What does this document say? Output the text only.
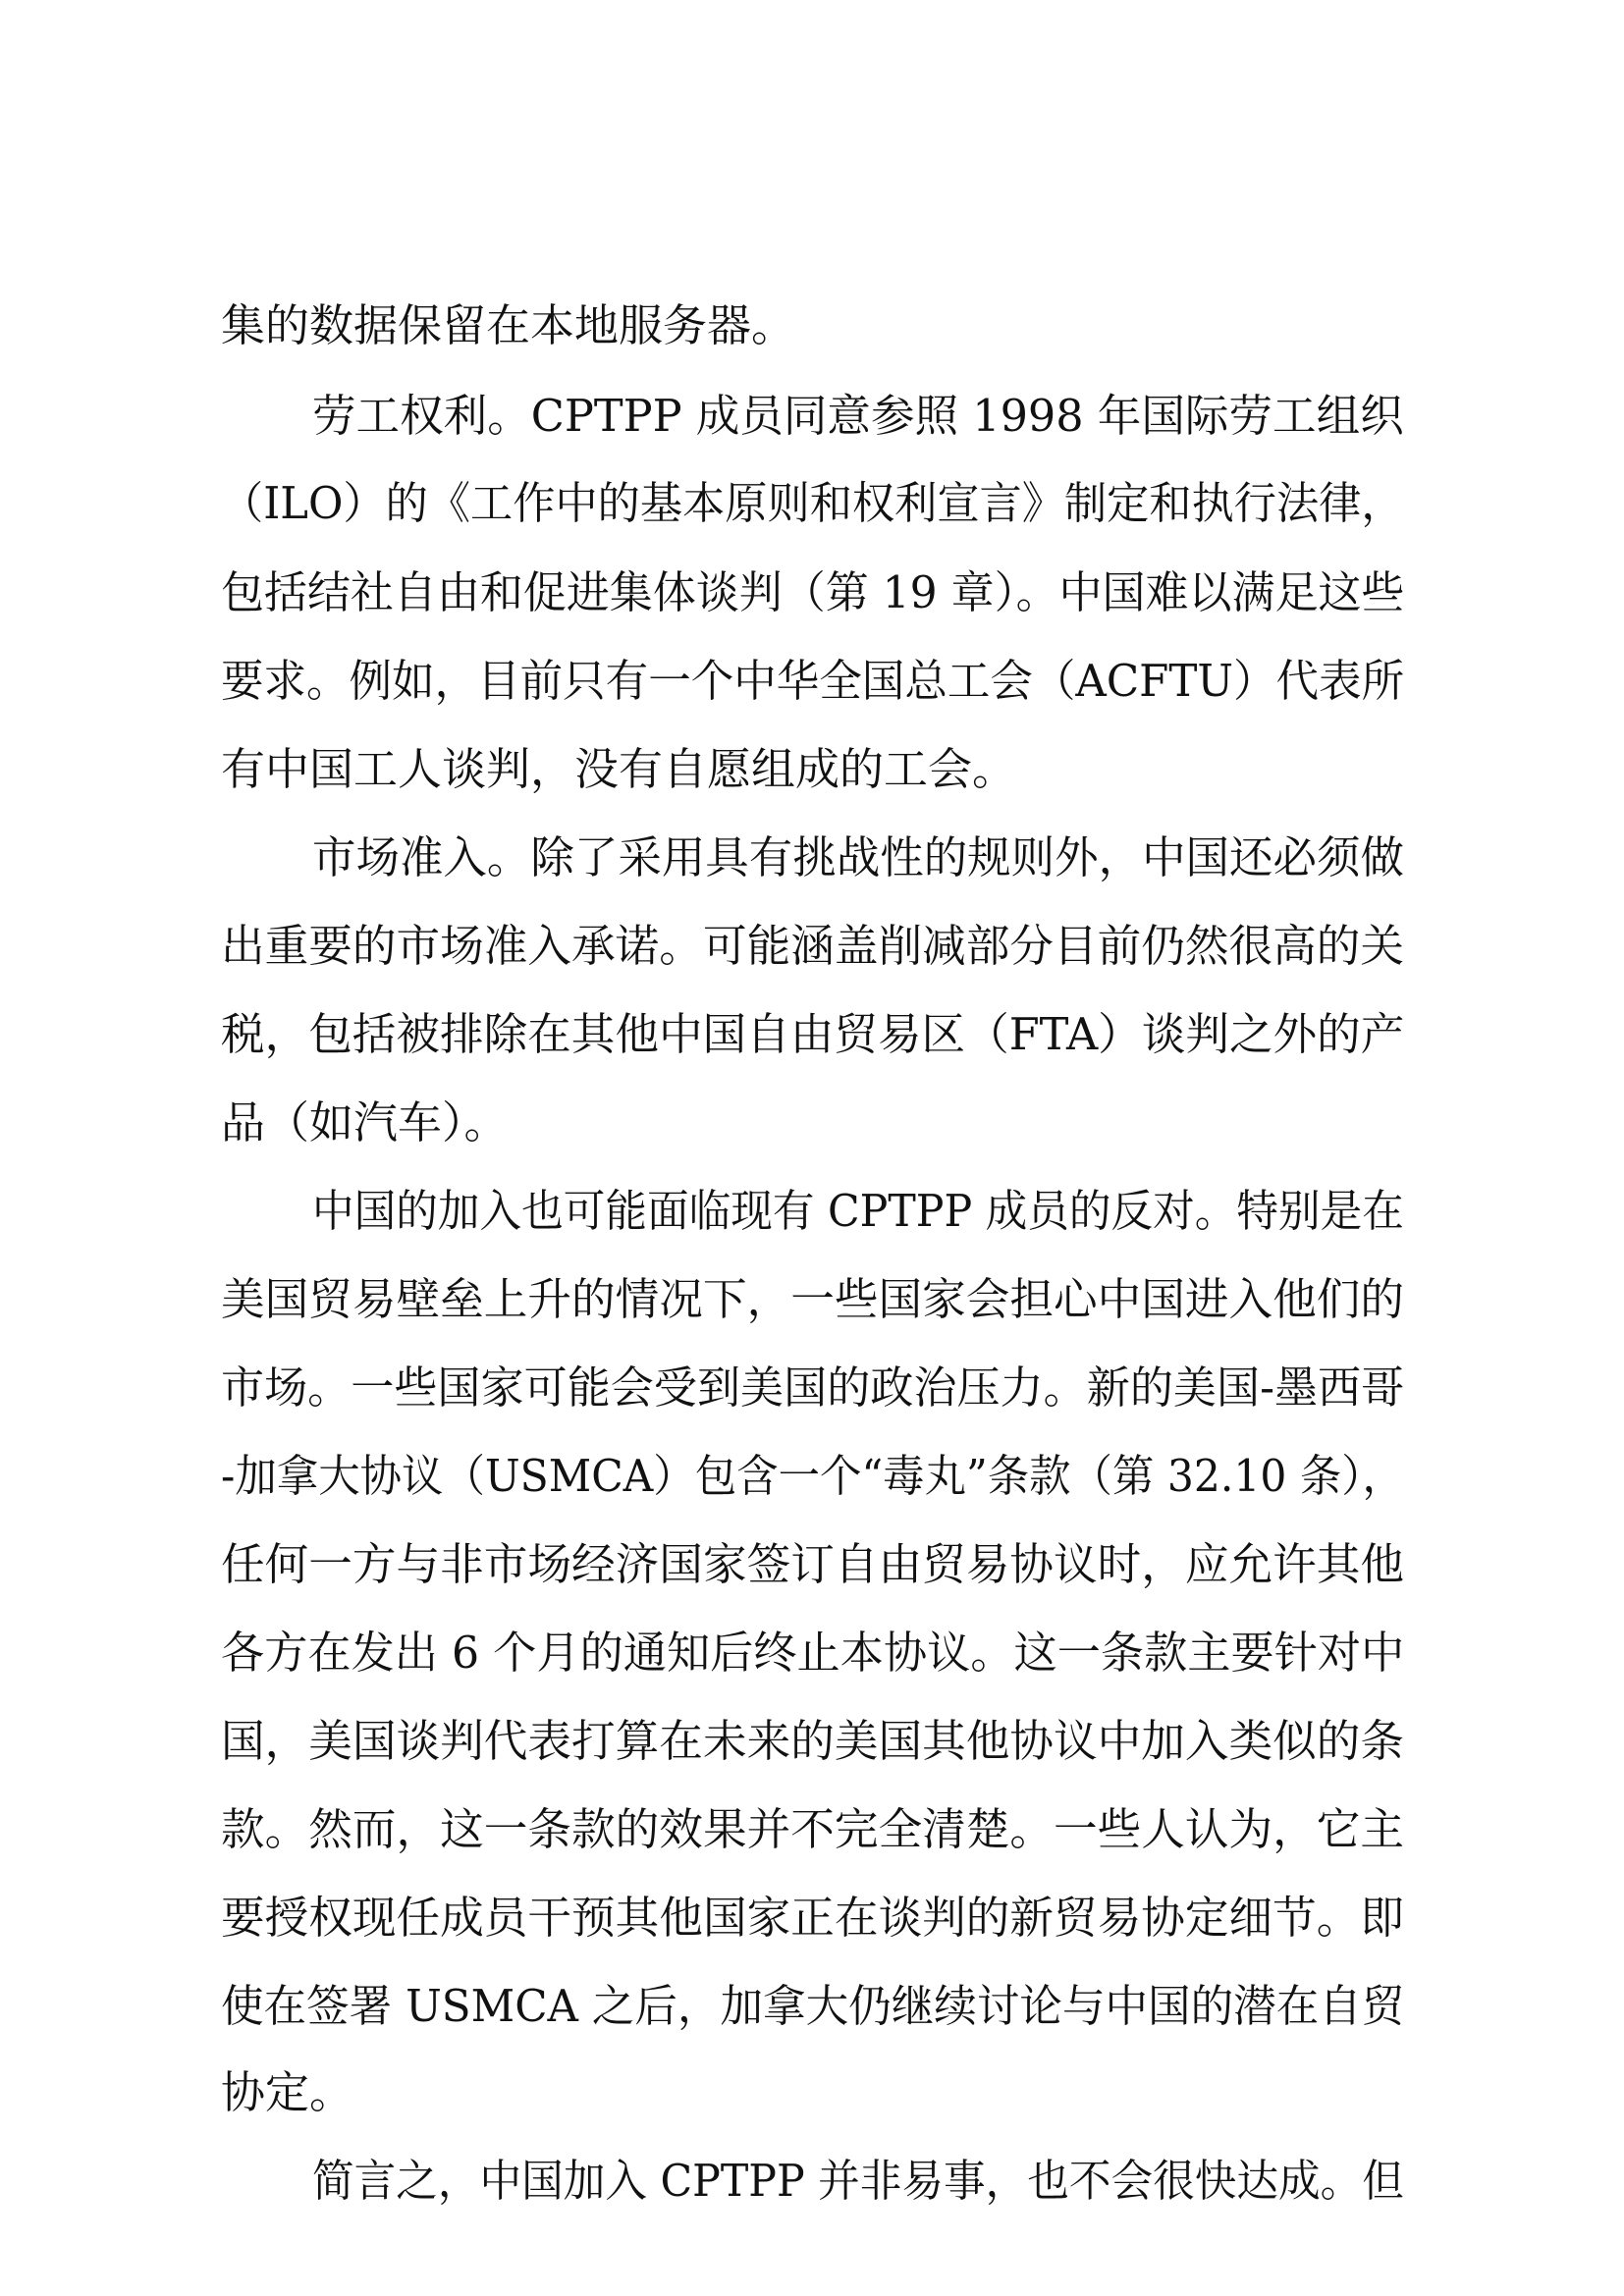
集的数据保留在本地服务器。
劳工权利。CPTPP 成员同意参照 1998 年国际劳工组织
（ILO）的《工作中的基本原则和权利宣言》制定和执行法律，
包括结社自由和促进集体谈判（第 19 章）。中国难以满足这些
要求。例如，目前只有一个中华全国总工会（ACFTU）代表所
有中国工人谈判，没有自愿组成的工会。
市场准入。除了采用具有挑战性的规则外，中国还必须做
出重要的市场准入承诺。可能涵盖削减部分目前仍然很高的关
税，包括被排除在其他中国自由贸易区（FTA）谈判之外的产
品（如汽车）。
中国的加入也可能面临现有 CPTPP 成员的反对。特别是在
美国贸易壁垒上升的情况下，一些国家会担心中国进入他们的
市场。一些国家可能会受到美国的政治压力。新的美国-墨西哥
-加拿大协议（USMCA）包含一个“毒丸”条款（第 32.10 条），
任何一方与非市场经济国家签订自由贸易协议时，应允许其他
各方在发出 6 个月的通知后终止本协议。这一条款主要针对中
国，美国谈判代表打算在未来的美国其他协议中加入类似的条
款。然而，这一条款的效果并不完全清楚。一些人认为，它主
要授权现任成员干预其他国家正在谈判的新贸易协定细节。即
使在签署 USMCA 之后，加拿大仍继续讨论与中国的潜在自贸
协定。
简言之，中国加入 CPTPP 并非易事，也不会很快达成。但
